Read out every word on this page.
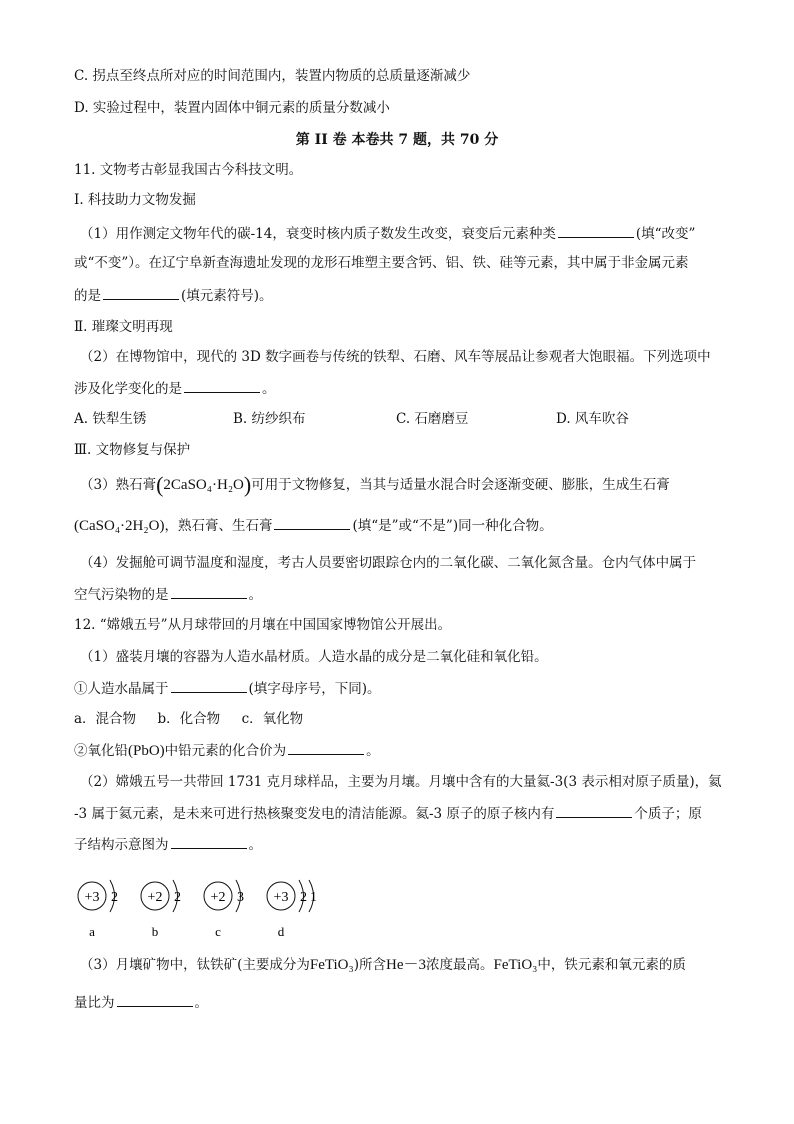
C. 拐点至终点所对应的时间范围内，装置内物质的总质量逐渐减少
D. 实验过程中，装置内固体中铜元素的质量分数减小
第 II 卷 本卷共 7 题，共 70 分
11. 文物考古彰显我国古今科技文明。
Ⅰ. 科技助力文物发掘
（1）用作测定文物年代的碳-14，衰变时核内质子数发生改变，衰变后元素种类	(填“改变”
或“不变”）。在辽宁阜新查海遗址发现的龙形石堆塑主要含钙、铝、铁、硅等元素，其中属于非金属元素
的是	(填元素符号)。
Ⅱ. 璀璨文明再现
（2）在博物馆中，现代的 3D 数字画卷与传统的铁犁、石磨、风车等展品让参观者大饱眼福。下列选项中
涉及化学变化的是	。
A. 铁犁生锈	B. 纺纱织布	C. 石磨磨豆	D. 风车吹谷
Ⅲ. 文物修复与保护
（3）熟石膏(2CaSO₄·H₂O)可用于文物修复，当其与适量水混合时会逐渐变硬、膨胀，生成生石膏
(CaSO₄·2H₂O)，熟石膏、生石膏	(填“是”或“不是”)同一种化合物。
（4）发掘舱可调节温度和湿度，考古人员要密切跟踪仓内的二氧化碳、二氧化氮含量。仓内气体中属于
空气污染物的是	。
12. “嫦娥五号”从月球带回的月壤在中国国家博物馆公开展出。
（1）盛装月壤的容器为人造水晶材质。人造水晶的成分是二氧化硅和氧化铅。
①人造水晶属于	(填字母序号，下同)。
a．混合物     b．化合物     c．氧化物
②氧化铅(PbO)中铅元素的化合价为	。
（2）嫦娥五号一共带回 1731 克月球样品，主要为月壤。月壤中含有的大量氦-3(3 表示相对原子质量)，氦
-3 属于氦元素，是未来可进行热核聚变发电的清洁能源。氦-3 原子的原子核内有	个质子；原
子结构示意图为	。
+3 2
a
+2 2
b
+2 3
c
+3 2 1
d
（3）月壤矿物中，钛铁矿(主要成分为FeTiO₃)所含He－3浓度最高。FeTiO₃中，铁元素和氧元素的质
量比为	。
